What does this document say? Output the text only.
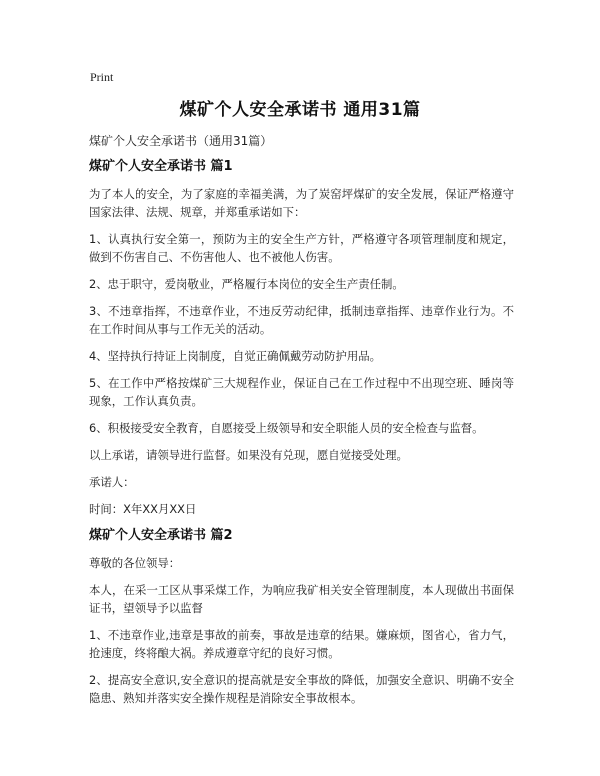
Print
煤矿个人安全承诺书 通用31篇
煤矿个人安全承诺书（通用31篇）
煤矿个人安全承诺书 篇1

为了本人的安全，为了家庭的幸福美满，为了炭窑坪煤矿的安全发展，保证严格遵守国家法律、法规、规章，并郑重承诺如下：

1、认真执行安全第一，预防为主的安全生产方针，严格遵守各项管理制度和规定，做到不伤害自己、不伤害他人、也不被他人伤害。

2、忠于职守，爱岗敬业，严格履行本岗位的安全生产责任制。

3、不违章指挥，不违章作业，不违反劳动纪律，抵制违章指挥、违章作业行为。不在工作时间从事与工作无关的活动。

4、坚持执行持证上岗制度，自觉正确佩戴劳动防护用品。

5、在工作中严格按煤矿三大规程作业，保证自己在工作过程中不出现空班、睡岗等现象，工作认真负责。

6、积极接受安全教育，自愿接受上级领导和安全职能人员的安全检查与监督。

以上承诺，请领导进行监督。如果没有兑现，愿自觉接受处理。

承诺人：

时间：X年XX月XX日

煤矿个人安全承诺书 篇2

尊敬的各位领导：

本人，在采一工区从事采煤工作，为响应我矿相关安全管理制度，本人现做出书面保证书，望领导予以监督

1、不违章作业,违章是事故的前奏，事故是违章的结果。嫌麻烦，图省心，省力气，抢速度，终将酿大祸。养成遵章守纪的良好习惯。

2、提高安全意识,安全意识的提高就是安全事故的降低，加强安全意识、明确不安全隐患、熟知并落实安全操作规程是消除安全事故根本。
